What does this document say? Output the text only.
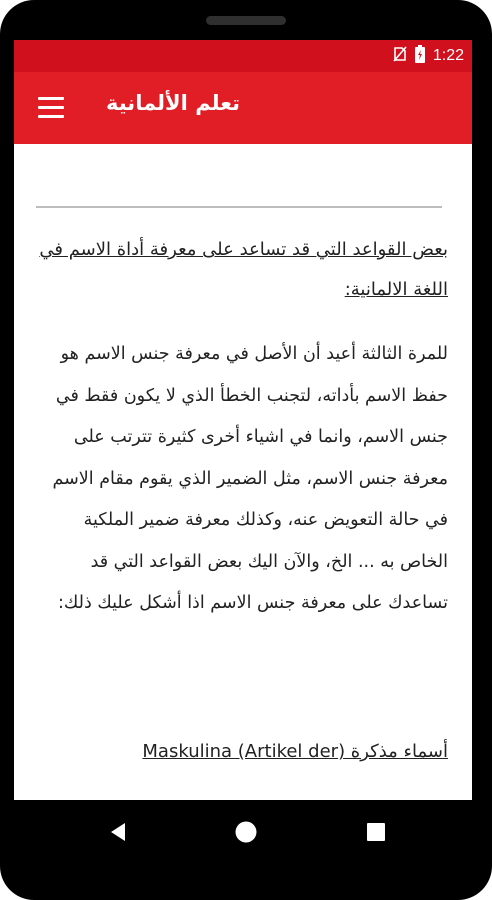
1:22
تعلم الألمانية
بعض القواعد التي قد تساعد على معرفة أداة الاسم في اللغة الالمانية:
للمرة الثالثة أعيد أن الأصل في معرفة جنس الاسم هو حفظ الاسم بأداته، لتجنب الخطأ الذي لا يكون فقط في جنس الاسم، وانما في اشياء أخرى كثيرة تترتب على معرفة جنس الاسم، مثل الضمير الذي يقوم مقام الاسم في حالة التعويض عنه، وكذلك معرفة ضمير الملكية الخاص به ... الخ، والآن اليك بعض القواعد التي قد تساعدك على معرفة جنس الاسم اذا أشكل عليك ذلك:
أسماء مذكرة (Maskulina (Artikel der
